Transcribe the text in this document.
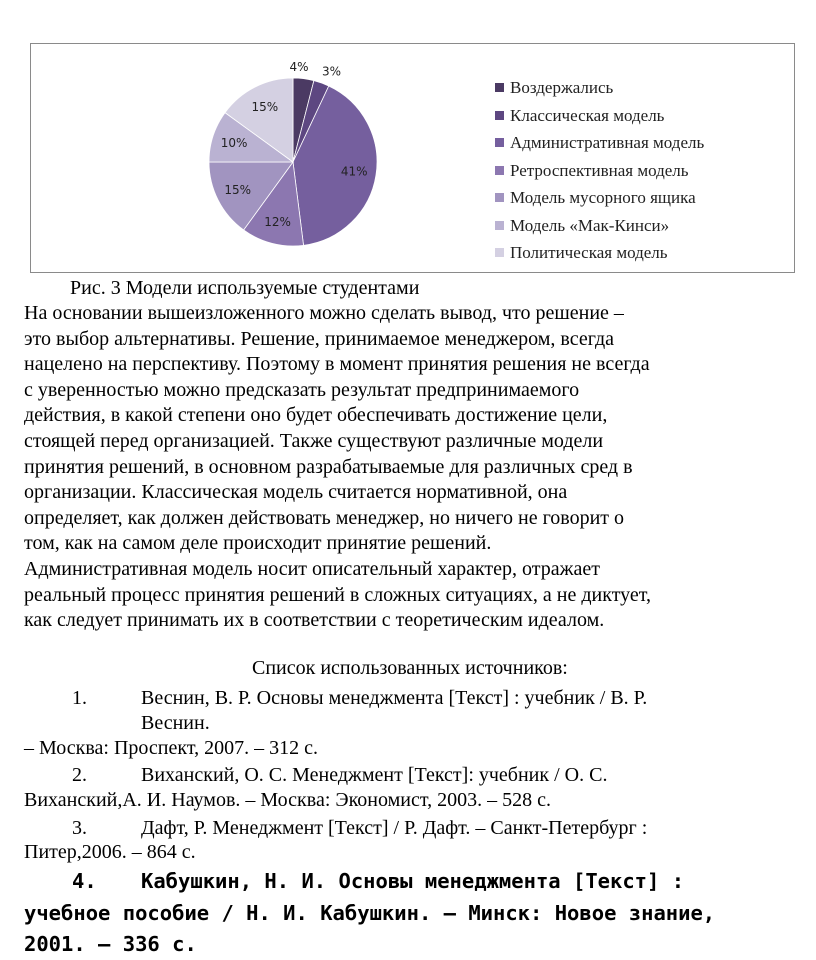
4% 3%
41%
12%
15%
10%
15%
Воздержались
Классическая модель
Административная модель
Ретроспективная модель
Модель мусорного ящика
Модель «Мак-Кинси»
Политическая модель

Рис. 3 Модели используемые студентами

На основании вышеизложенного можно сделать вывод, что решение –
это выбор альтернативы. Решение, принимаемое менеджером, всегда
нацелено на перспективу. Поэтому в момент принятия решения не всегда
с уверенностью можно предсказать результат предпринимаемого
действия, в какой степени оно будет обеспечивать достижение цели,
стоящей перед организацией. Также существуют различные модели
принятия решений, в основном разрабатываемые для различных сред в
организации. Классическая модель считается нормативной, она
определяет, как должен действовать менеджер, но ничего не говорит о
том, как на самом деле происходит принятие решений.
Административная модель носит описательный характер, отражает
реальный процесс принятия решений в сложных ситуациях, а не диктует,
как следует принимать их в соответствии с теоретическим идеалом.

Список использованных источников:

1.	Веснин, В. Р. Основы менеджмента [Текст] : учебник / В. Р.

Веснин.

– Москва: Проспект, 2007. – 312 с.

2.	Виханский, О. С. Менеджмент [Текст]: учебник / О. С.

Виханский,А. И. Наумов. – Москва: Экономист, 2003. – 528 с.

3.	Дафт, Р. Менеджмент [Текст] / Р. Дафт. – Санкт-Петербург :

Питер,2006. – 864 с.

4. Кабушкин, Н. И. Основы менеджмента [Текст] :

учебное пособие / Н. И. Кабушкин. – Минск: Новое знание,

2001. – 336 с.
